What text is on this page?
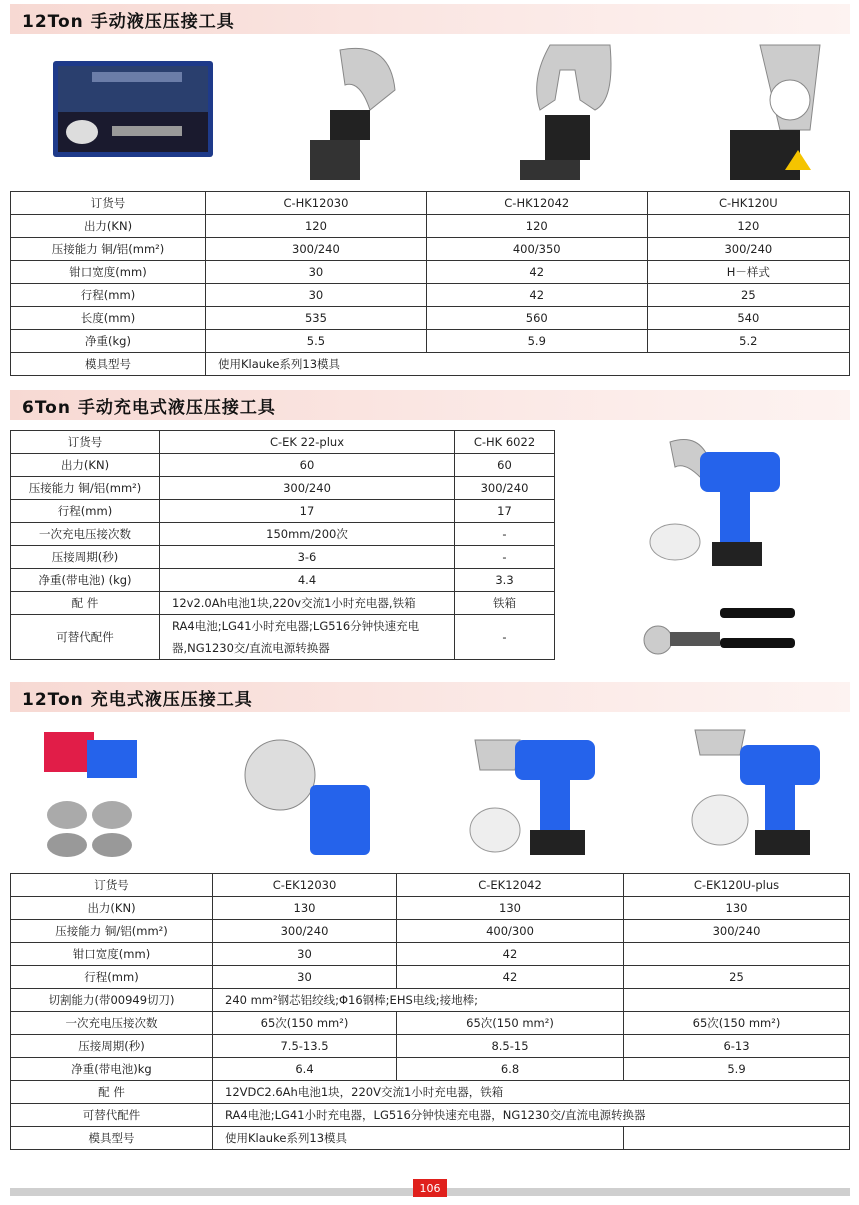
12Ton 手动液压压接工具
订货号	C-HK12030	C-HK12042	C-HK120U
出力(KN)	120	120	120
压接能力 铜/铝(mm²)	300/240	400/350	300/240
钳口宽度(mm)	30	42	H－样式
行程(mm)	30	42	25
长度(mm)	535	560	540
净重(kg)	5.5	5.9	5.2
模具型号	使用Klauke系列13模具		
6Ton 手动充电式液压压接工具
订货号	C-EK 22-plux	C-HK 6022
出力(KN)	60	60
压接能力 铜/铝(mm²)	300/240	300/240
行程(mm)	17	17
一次充电压接次数	150mm/200次	-
压接周期(秒)	3-6	-
净重(带电池) (kg)	4.4	3.3
配 件	12v2.0Ah电池1块,220v交流1小时充电器,铁箱	铁箱
可替代配件	RA4电池;LG41小时充电器;LG516分钟快速充电
器,NG1230交/直流电源转换器	-
12Ton 充电式液压压接工具
订货号	C-EK12030	C-EK12042	C-EK120U-plus
出力(KN)	130	130	130
压接能力 铜/铝(mm²)	300/240	400/300	300/240
钳口宽度(mm)	30	42	
行程(mm)	30	42	25
切割能力(带00949切刀)	240 mm²钢芯铝绞线;Φ16钢棒;EHS电线;接地棒;		
一次充电压接次数	65次(150 mm²)	65次(150 mm²)	65次(150 mm²)
压接周期(秒)	7.5-13.5	8.5-15	6-13
净重(带电池)kg	6.4	6.8	5.9
配 件	12VDC2.6Ah电池1块，220V交流1小时充电器，铁箱		
可替代配件	RA4电池;LG41小时充电器，LG516分钟快速充电器，NG1230交/直流电源转换器		
模具型号	使用Klauke系列13模具		
106
